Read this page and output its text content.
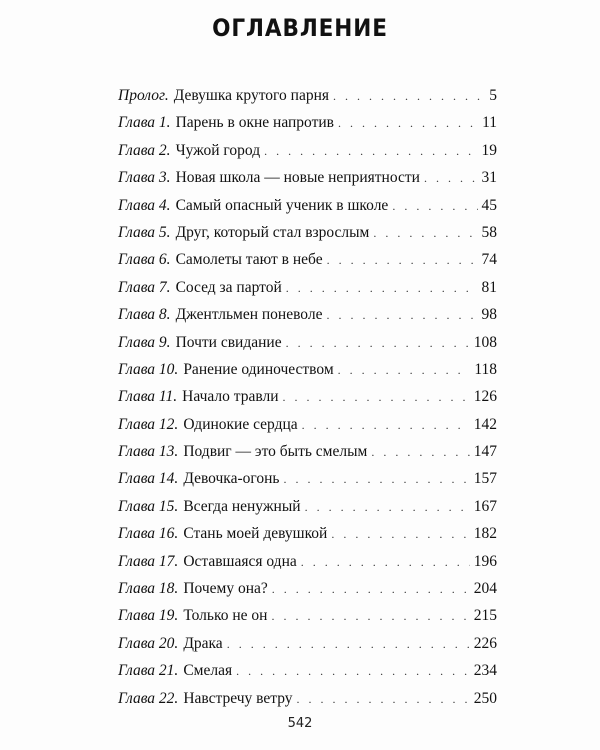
ОГЛАВЛЕНИЕ
Пролог. Девушка крутого парня . . .	5
Глава 1. Парень в окне напротив . . .	11
Глава 2. Чужой город . . .	19
Глава 3. Новая школа — новые неприятности . . .	31
Глава 4. Самый опасный ученик в школе . . .	45
Глава 5. Друг, который стал взрослым . . .	58
Глава 6. Самолеты тают в небе . . .	74
Глава 7. Сосед за партой . . .	81
Глава 8. Джентльмен поневоле . . .	98
Глава 9. Почти свидание . . .	108
Глава 10. Ранение одиночеством . . .	118
Глава 11. Начало травли . . .	126
Глава 12. Одинокие сердца . . .	142
Глава 13. Подвиг — это быть смелым . . .	147
Глава 14. Девочка-огонь . . .	157
Глава 15. Всегда ненужный . . .	167
Глава 16. Стань моей девушкой . . .	182
Глава 17. Оставшаяся одна . . .	196
Глава 18. Почему она? . . .	204
Глава 19. Только не он . . .	215
Глава 20. Драка . . .	226
Глава 21. Смелая . . .	234
Глава 22. Навстречу ветру . . .	250
542
